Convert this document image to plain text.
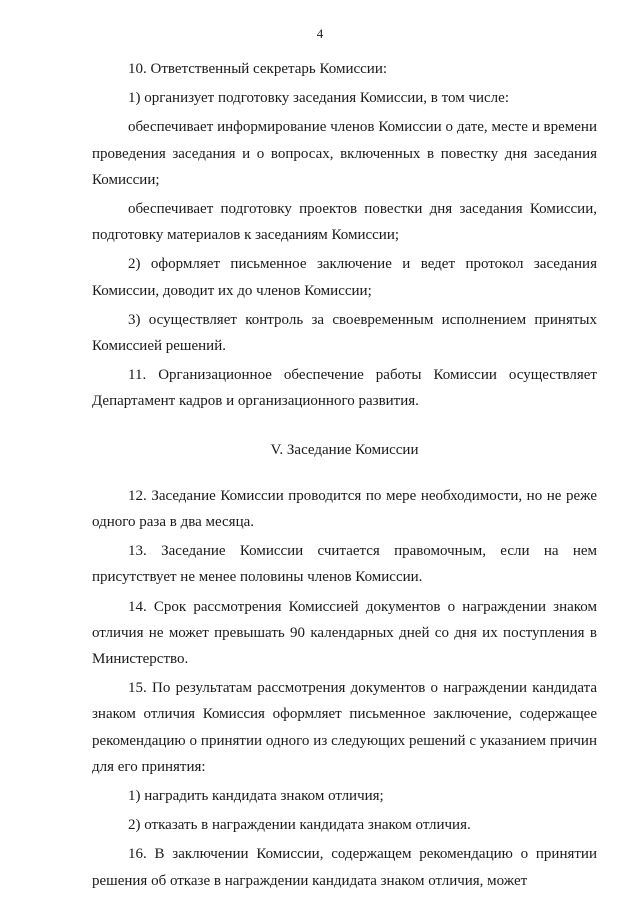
4

10. Ответственный секретарь Комиссии:

1) организует подготовку заседания Комиссии, в том числе:

обеспечивает информирование членов Комиссии о дате, месте и времени проведения заседания и о вопросах, включенных в повестку дня заседания Комиссии;

обеспечивает подготовку проектов повестки дня заседания Комиссии, подготовку материалов к заседаниям Комиссии;

2) оформляет письменное заключение и ведет протокол заседания Комиссии, доводит их до членов Комиссии;

3) осуществляет контроль за своевременным исполнением принятых Комиссией решений.

11. Организационное обеспечение работы Комиссии осуществляет Департамент кадров и организационного развития.

V. Заседание Комиссии

12. Заседание Комиссии проводится по мере необходимости, но не реже одного раза в два месяца.

13. Заседание Комиссии считается правомочным, если на нем присутствует не менее половины членов Комиссии.

14. Срок рассмотрения Комиссией документов о награждении знаком отличия не может превышать 90 календарных дней со дня их поступления в Министерство.

15. По результатам рассмотрения документов о награждении кандидата знаком отличия Комиссия оформляет письменное заключение, содержащее рекомендацию о принятии одного из следующих решений с указанием причин для его принятия:

1) наградить кандидата знаком отличия;

2) отказать в награждении кандидата знаком отличия.

16. В заключении Комиссии, содержащем рекомендацию о принятии решения об отказе в награждении кандидата знаком отличия, может
